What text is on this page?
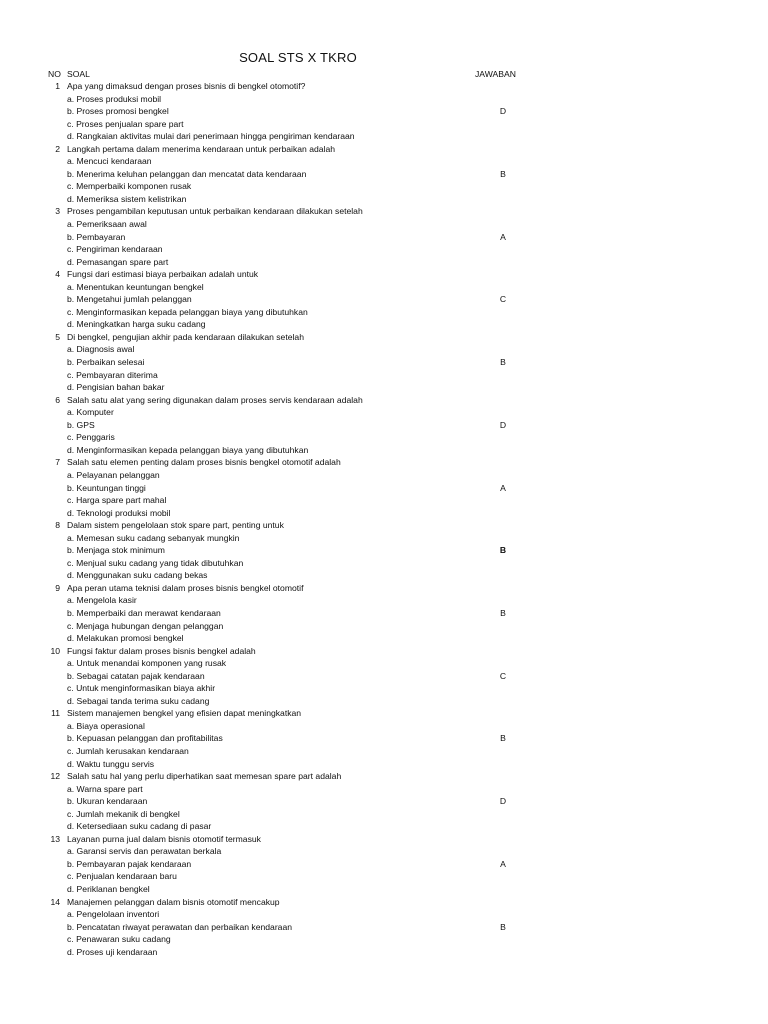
SOAL STS X TKRO
NO SOAL	JAWABAN
1 Apa yang dimaksud dengan proses bisnis di bengkel otomotif?
a. Proses produksi mobil
b. Proses promosi bengkel
c. Proses penjualan spare part
d. Rangkaian aktivitas mulai dari penerimaan hingga pengiriman kendaraan
D
2 Langkah pertama dalam menerima kendaraan untuk perbaikan adalah
a. Mencuci kendaraan
b. Menerima keluhan pelanggan dan mencatat data kendaraan
c. Memperbaiki komponen rusak
d. Memeriksa sistem kelistrikan
B
3 Proses pengambilan keputusan untuk perbaikan kendaraan dilakukan setelah
a. Pemeriksaan awal
b. Pembayaran
c. Pengiriman kendaraan
d. Pemasangan spare part
A
4 Fungsi dari estimasi biaya perbaikan adalah untuk
a. Menentukan keuntungan bengkel
b. Mengetahui jumlah pelanggan
c. Menginformasikan kepada pelanggan biaya yang dibutuhkan
d. Meningkatkan harga suku cadang
C
5 Di bengkel, pengujian akhir pada kendaraan dilakukan setelah
a. Diagnosis awal
b. Perbaikan selesai
c. Pembayaran diterima
d. Pengisian bahan bakar
B
6 Salah satu alat yang sering digunakan dalam proses servis kendaraan adalah
a. Komputer
b. GPS
c. Penggaris
d. Menginformasikan kepada pelanggan biaya yang dibutuhkan
D
7 Salah satu elemen penting dalam proses bisnis bengkel otomotif adalah
a. Pelayanan pelanggan
b. Keuntungan tinggi
c. Harga spare part mahal
d. Teknologi produksi mobil
A
8 Dalam sistem pengelolaan stok spare part, penting untuk
a. Memesan suku cadang sebanyak mungkin
b. Menjaga stok minimum
c. Menjual suku cadang yang tidak dibutuhkan
d. Menggunakan suku cadang bekas
B
9 Apa peran utama teknisi dalam proses bisnis bengkel otomotif
a. Mengelola kasir
b. Memperbaiki dan merawat kendaraan
c. Menjaga hubungan dengan pelanggan
d. Melakukan promosi bengkel
B
10 Fungsi faktur dalam proses bisnis bengkel adalah
a. Untuk menandai komponen yang rusak
b. Sebagai catatan pajak kendaraan
c. Untuk menginformasikan biaya akhir
d. Sebagai tanda terima suku cadang
C
11 Sistem manajemen bengkel yang efisien dapat meningkatkan
a. Biaya operasional
b. Kepuasan pelanggan dan profitabilitas
c. Jumlah kerusakan kendaraan
d. Waktu tunggu servis
B
12 Salah satu hal yang perlu diperhatikan saat memesan spare part adalah
a. Warna spare part
b. Ukuran kendaraan
c. Jumlah mekanik di bengkel
d. Ketersediaan suku cadang di pasar
D
13 Layanan purna jual dalam bisnis otomotif termasuk
a. Garansi servis dan perawatan berkala
b. Pembayaran pajak kendaraan
c. Penjualan kendaraan baru
d. Periklanan bengkel
A
14 Manajemen pelanggan dalam bisnis otomotif mencakup
a. Pengelolaan inventori
b. Pencatatan riwayat perawatan dan perbaikan kendaraan
c. Penawaran suku cadang
d. Proses uji kendaraan
B
